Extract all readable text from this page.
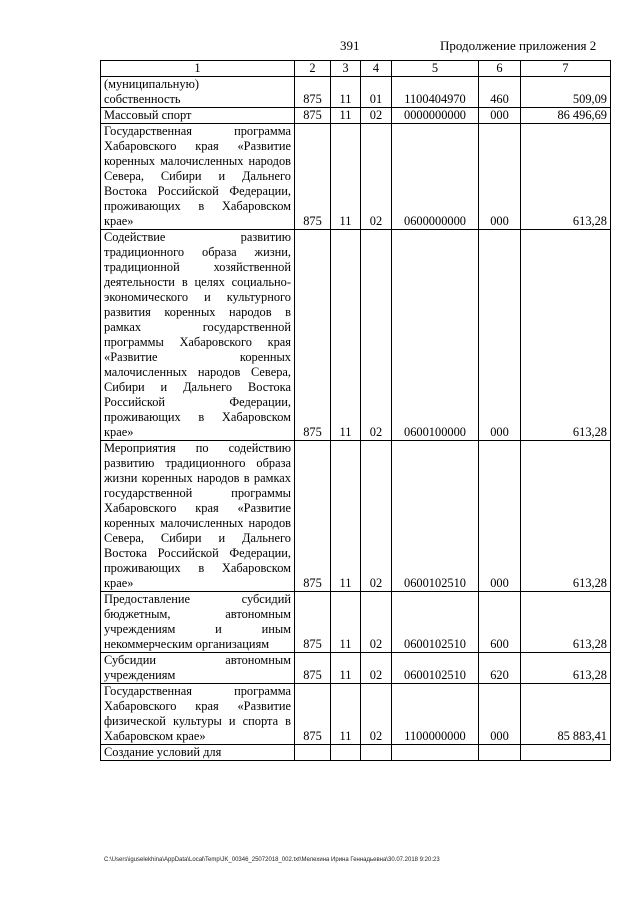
391	Продолжение приложения 2
1	2	3	4	5	6	7
(муниципальную)
собственность	875	11	01	1100404970	460	509,09
Массовый спорт	875	11	02	0000000000	000	86 496,69
Государственная программа Хабаровского края «Развитие коренных малочисленных народов Севера, Сибири и Дальнего Востока Российской Федерации, проживающих в Хабаровском крае»	875	11	02	0600000000	000	613,28
Содействие развитию традиционного образа жизни, традиционной хозяйственной деятельности в целях социально-экономического и культурного развития коренных народов в рамках государственной программы Хабаровского края «Развитие коренных малочисленных народов Севера, Сибири и Дальнего Востока Российской Федерации, проживающих в Хабаровском крае»	875	11	02	0600100000	000	613,28
Мероприятия по содействию развитию традиционного образа жизни коренных народов в рамках государственной программы Хабаровского края «Развитие коренных малочисленных народов Севера, Сибири и Дальнего Востока Российской Федерации, проживающих в Хабаровском крае»	875	11	02	0600102510	000	613,28
Предоставление субсидий бюджетным, автономным учреждениям и иным некоммерческим организациям	875	11	02	0600102510	600	613,28
Субсидии автономным учреждениям	875	11	02	0600102510	620	613,28
Государственная программа Хабаровского края «Развитие физической культуры и спорта в Хабаровском крае»	875	11	02	1100000000	000	85 883,41
Создание условий для						
C:\Users\iguselekhina\AppData\Local\Temp\JK_00346_25072018_002.txt\Мелехина Ирина Геннадьевна\30.07.2018 9:20:23
